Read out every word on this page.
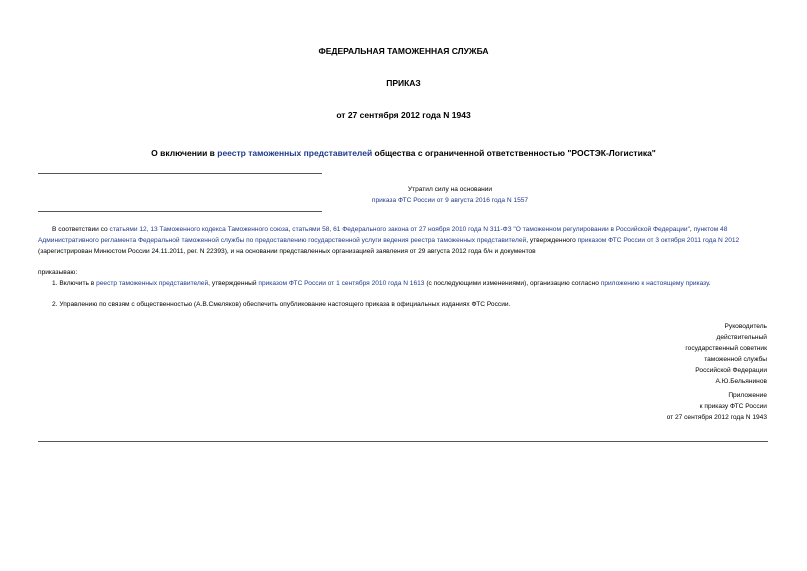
ФЕДЕРАЛЬНАЯ ТАМОЖЕННАЯ СЛУЖБА
ПРИКАЗ
от 27 сентября 2012 года N 1943
О включении в реестр таможенных представителей общества с ограниченной ответственностью "РОСТЭК-Логистика"
Утратил силу на основании
приказа ФТС России от 9 августа 2016 года N 1557
В соответствии со статьями 12, 13 Таможенного кодекса Таможенного союза, статьями 58, 61 Федерального закона от 27 ноября 2010 года N 311-ФЗ "О таможенном регулировании в Российской Федерации", пунктом 48 Административного регламента Федеральной таможенной службы по предоставлению государственной услуги ведения реестра таможенных представителей, утвержденного приказом ФТС России от 3 октября 2011 года N 2012 (зарегистрирован Минюстом России 24.11.2011, рег. N 22393), и на основании представленных организацией заявления от 29 августа 2012 года б/н и документов
приказываю:
1. Включить в реестр таможенных представителей, утвержденный приказом ФТС России от 1 сентября 2010 года N 1613 (с последующими изменениями), организацию согласно приложению к настоящему приказу.
2. Управлению по связям с общественностью (А.В.Смеляков) обеспечить опубликование настоящего приказа в официальных изданиях ФТС России.
Руководитель
действительный
государственный советник
таможенной службы
Российской Федерации
А.Ю.Бельянинов
Приложение
к приказу ФТС России
от 27 сентября 2012 года N 1943
